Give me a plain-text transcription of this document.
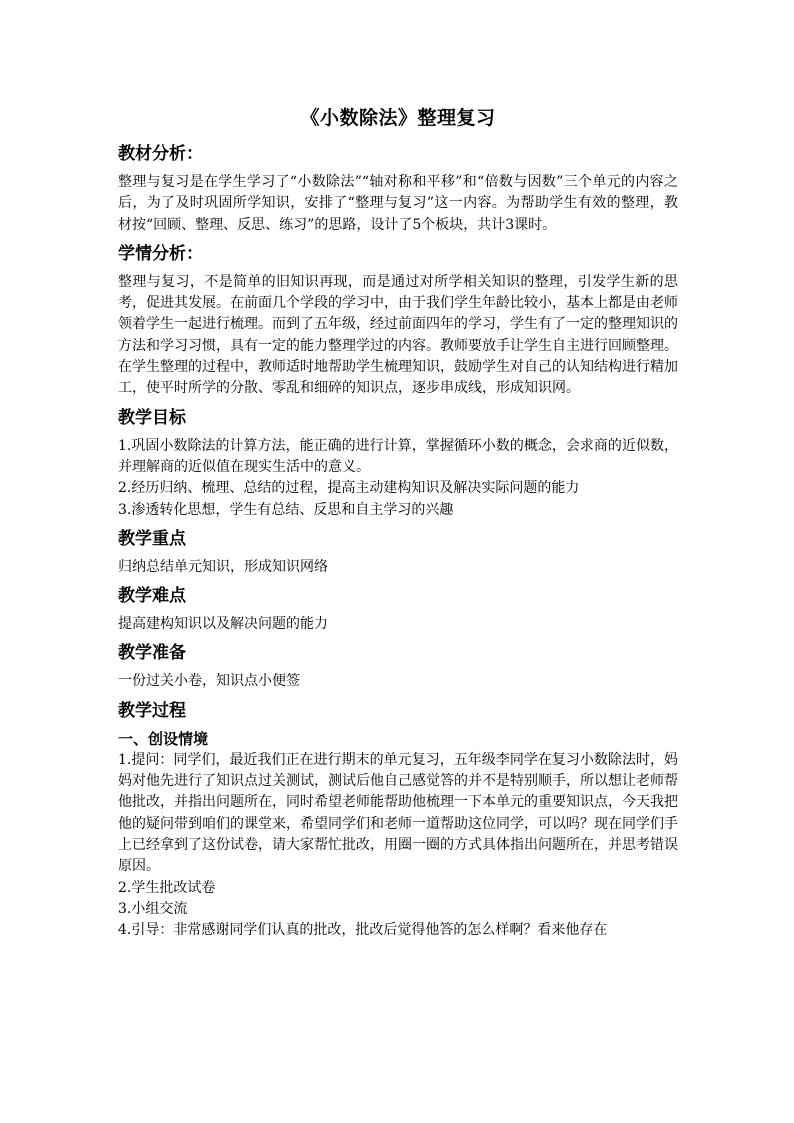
《小数除法》整理复习
教材分析：

整理与复习是在学生学习了“小数除法”“轴对称和平移”和“倍数与因数”三个单元的内容之后，为了及时巩固所学知识，安排了“整理与复习”这一内容。为帮助学生有效的整理，教材按“回顾、整理、反思、练习”的思路，设计了5个板块，共计3课时。

学情分析：

整理与复习，不是简单的旧知识再现，而是通过对所学相关知识的整理，引发学生新的思考，促进其发展。在前面几个学段的学习中，由于我们学生年龄比较小，基本上都是由老师领着学生一起进行梳理。而到了五年级，经过前面四年的学习，学生有了一定的整理知识的方法和学习习惯，具有一定的能力整理学过的内容。教师要放手让学生自主进行回顾整理。在学生整理的过程中，教师适时地帮助学生梳理知识，鼓励学生对自己的认知结构进行精加工，使平时所学的分散、零乱和细碎的知识点，逐步串成线，形成知识网。

教学目标

1.巩固小数除法的计算方法，能正确的进行计算，掌握循环小数的概念，会求商的近似数，并理解商的近似值在现实生活中的意义。

2.经历归纳、梳理、总结的过程，提高主动建构知识及解决实际问题的能力

3.渗透转化思想，学生有总结、反思和自主学习的兴趣

教学重点

归纳总结单元知识，形成知识网络

教学难点

提高建构知识以及解决问题的能力

教学准备

一份过关小卷，知识点小便签

教学过程
一、创设情境

1.提问：同学们，最近我们正在进行期末的单元复习，五年级李同学在复习小数除法时，妈妈对他先进行了知识点过关测试，测试后他自己感觉答的并不是特别顺手，所以想让老师帮他批改，并指出问题所在，同时希望老师能帮助他梳理一下本单元的重要知识点，今天我把他的疑问带到咱们的课堂来，希望同学们和老师一道帮助这位同学，可以吗？现在同学们手上已经拿到了这份试卷，请大家帮忙批改，用圈一圈的方式具体指出问题所在，并思考错误原因。

2.学生批改试卷

3.小组交流

4.引导：非常感谢同学们认真的批改，批改后觉得他答的怎么样啊？看来他存在
